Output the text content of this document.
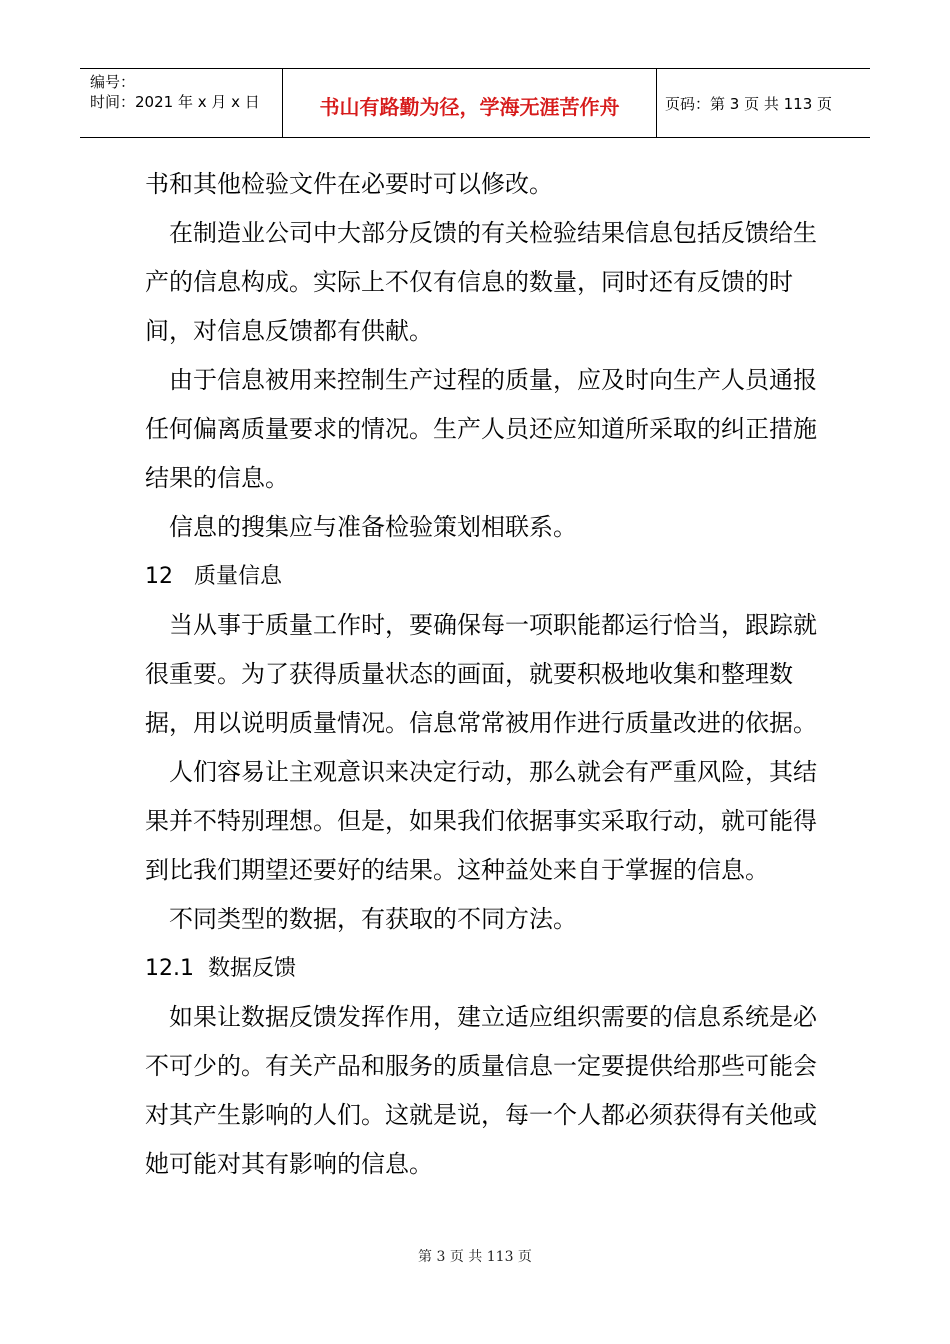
编号：
时间：2021 年 x 月 x 日	书山有路勤为径，学海无涯苦作舟	页码：第 3 页 共 113 页

书和其他检验文件在必要时可以修改。

在制造业公司中大部分反馈的有关检验结果信息包括反馈给生产的信息构成。实际上不仅有信息的数量，同时还有反馈的时间，对信息反馈都有供献。

由于信息被用来控制生产过程的质量，应及时向生产人员通报任何偏离质量要求的情况。生产人员还应知道所采取的纠正措施结果的信息。

信息的搜集应与准备检验策划相联系。

12   质量信息

当从事于质量工作时，要确保每一项职能都运行恰当，跟踪就很重要。为了获得质量状态的画面，就要积极地收集和整理数据，用以说明质量情况。信息常常被用作进行质量改进的依据。

人们容易让主观意识来决定行动，那么就会有严重风险，其结果并不特别理想。但是，如果我们依据事实采取行动，就可能得到比我们期望还要好的结果。这种益处来自于掌握的信息。

不同类型的数据，有获取的不同方法。

12.1  数据反馈

如果让数据反馈发挥作用，建立适应组织需要的信息系统是必不可少的。有关产品和服务的质量信息一定要提供给那些可能会对其产生影响的人们。这就是说，每一个人都必须获得有关他或她可能对其有影响的信息。

第 3 页 共 113 页
